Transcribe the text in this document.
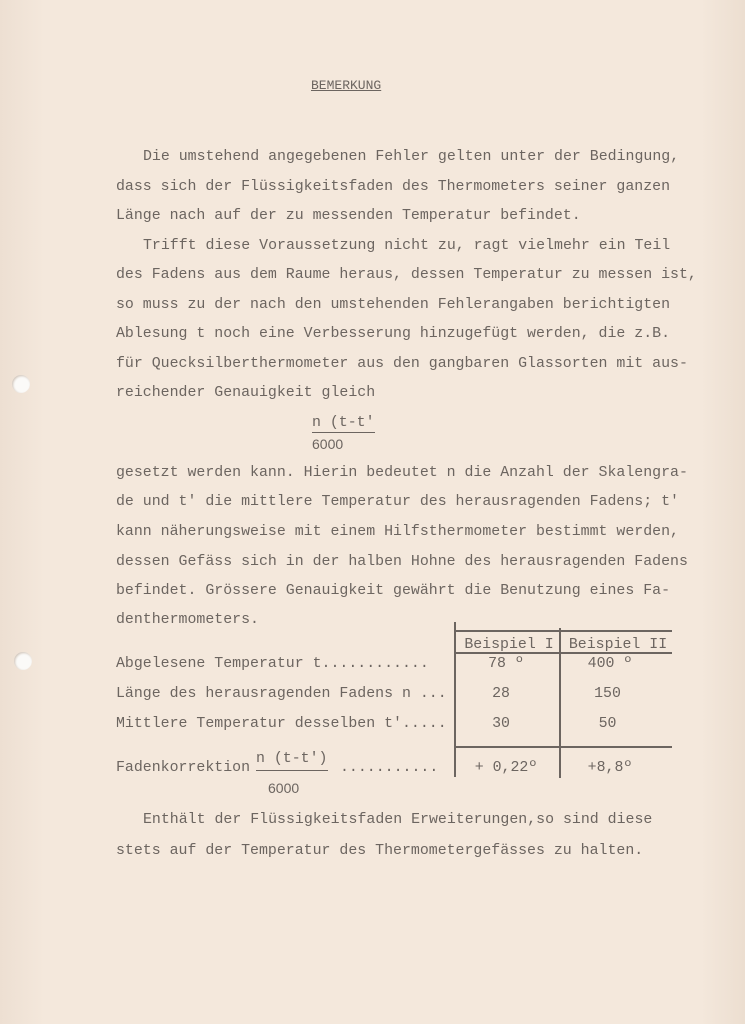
BEMERKUNG
Die umstehend angegebenen Fehler gelten unter der Bedingung,
dass sich der Flüssigkeitsfaden des Thermometers seiner ganzen
Länge nach auf der zu messenden Temperatur befindet.
Trifft diese Voraussetzung nicht zu, ragt vielmehr ein Teil
des Fadens aus dem Raume heraus, dessen Temperatur zu messen ist,
so muss zu der nach den umstehenden Fehlerangaben berichtigten
Ablesung t noch eine Verbesserung hinzugefügt werden, die z.B.
für Quecksilberthermometer aus den gangbaren Glassorten mit aus-
reichender Genauigkeit gleich
n (t-t'
6000
gesetzt werden kann. Hierin bedeutet n die Anzahl der Skalengra-
de und t' die mittlere Temperatur des herausragenden Fadens; t'
kann näherungsweise mit einem Hilfsthermometer bestimmt werden,
dessen Gefäss sich in der halben Hohne des herausragenden Fadens
befindet. Grössere Genauigkeit gewährt die Benutzung eines Fa-
denthermometers.
Beispiel I	Beispiel II
Abgelesene Temperatur t............	78 º	400 º
Länge des herausragenden Fadens n ...	28	150
Mittlere Temperatur desselben t'.....	30	50
Fadenkorrektion
n (t-t')
6000
...........	+ 0,22º	+8,8º
Enthält der Flüssigkeitsfaden Erweiterungen,so sind diese
stets auf der Temperatur des Thermometergefässes zu halten.
